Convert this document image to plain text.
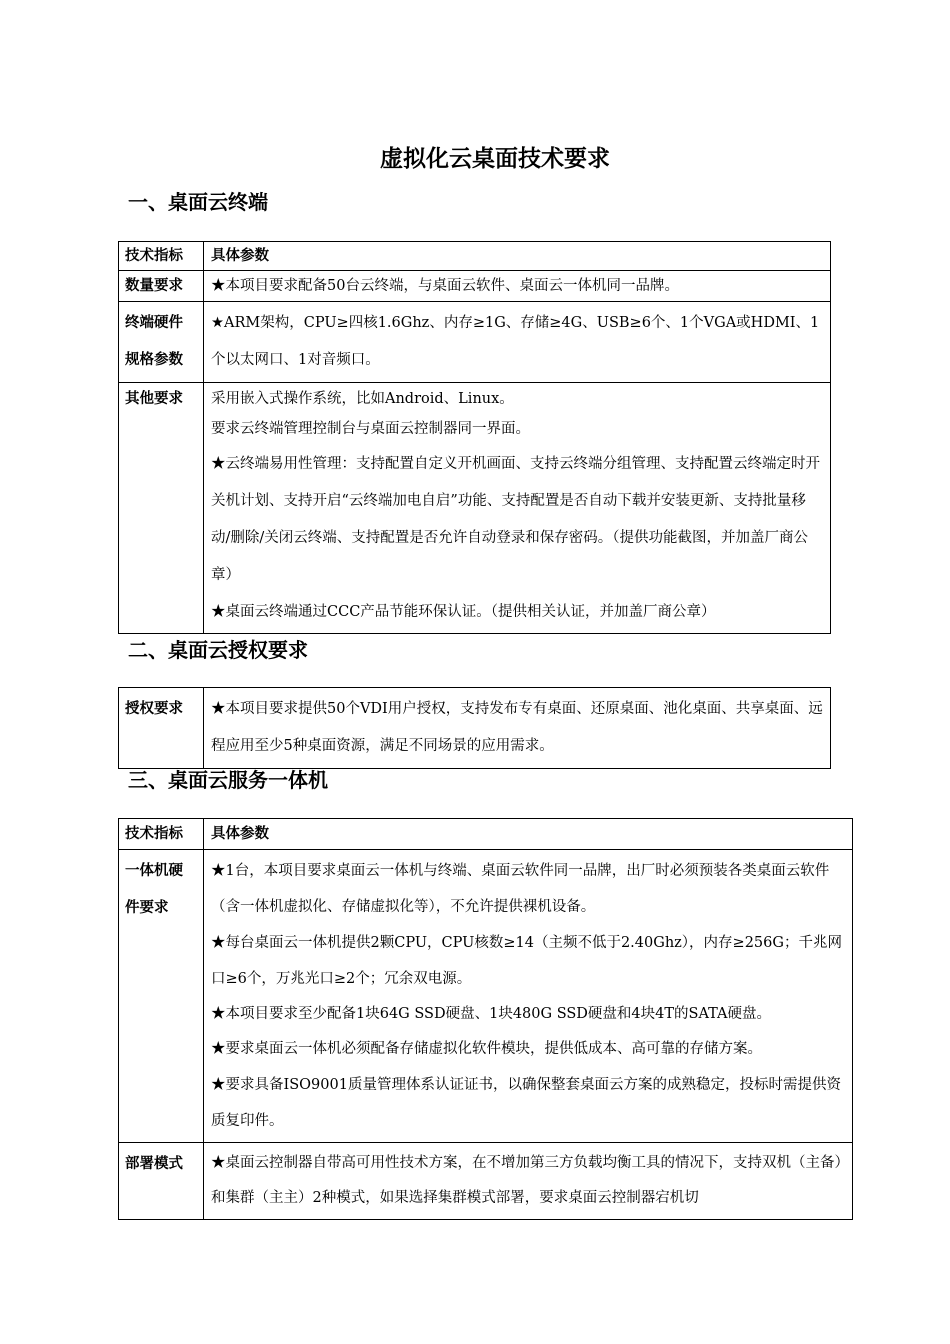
虚拟化云桌面技术要求
一、桌面云终端
技术指标	具体参数
数量要求	★本项目要求配备50台云终端，与桌面云软件、桌面云一体机同一品牌。
终端硬件规格参数	★ARM架构，CPU≥四核1.6Ghz、内存≥1G、存储≥4G、USB≥6个、1个VGA或HDMI、1个以太网口、1对音频口。
其他要求	采用嵌入式操作系统，比如Android、Linux。
要求云终端管理控制台与桌面云控制器同一界面。
★云终端易用性管理：支持配置自定义开机画面、支持云终端分组管理、支持配置云终端定时开关机计划、支持开启“云终端加电自启”功能、支持配置是否自动下载并安装更新、支持批量移动/删除/关闭云终端、支持配置是否允许自动登录和保存密码。（提供功能截图，并加盖厂商公章）
★桌面云终端通过CCC产品节能环保认证。（提供相关认证，并加盖厂商公章）
二、桌面云授权要求
授权要求	★本项目要求提供50个VDI用户授权，支持发布专有桌面、还原桌面、池化桌面、共享桌面、远程应用至少5种桌面资源，满足不同场景的应用需求。
三、桌面云服务一体机
技术指标	具体参数
一体机硬件要求	★1台，本项目要求桌面云一体机与终端、桌面云软件同一品牌，出厂时必须预装各类桌面云软件（含一体机虚拟化、存储虚拟化等），不允许提供裸机设备。
★每台桌面云一体机提供2颗CPU，CPU核数≥14（主频不低于2.40Ghz），内存≥256G；千兆网口≥6个，万兆光口≥2个；冗余双电源。
★本项目要求至少配备1块64G SSD硬盘、1块480G SSD硬盘和4块4T的SATA硬盘。
★要求桌面云一体机必须配备存储虚拟化软件模块，提供低成本、高可靠的存储方案。
★要求具备ISO9001质量管理体系认证证书，以确保整套桌面云方案的成熟稳定，投标时需提供资质复印件。

部署模式	★桌面云控制器自带高可用性技术方案，在不增加第三方负载均衡工具的情况下，支持双机（主备）和集群（主主）2种模式，如果选择集群模式部署，要求桌面云控制器宕机切
